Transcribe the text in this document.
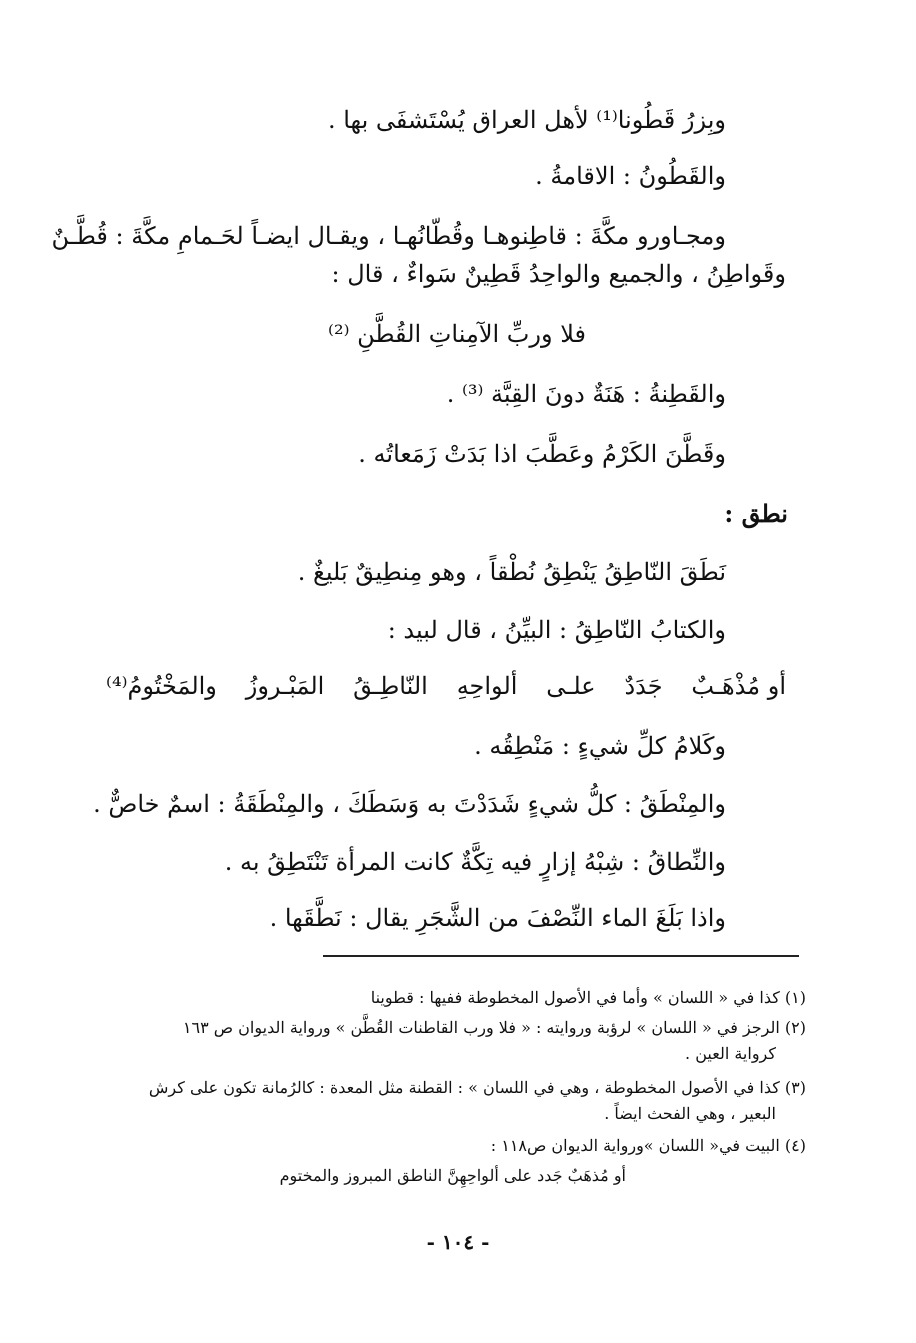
وبِزرُ قَطُونا⁽¹⁾ لأهل العراق يُسْتَشفَى بها .
والقَطُونُ : الاقامةُ .
ومجـاورو مكَّةَ : قاطِنوهـا وقُطّانُهـا ، ويقـال ايضـاً لحَـمامِ مكَّةَ : قُطَّـنٌ
وقَواطِنُ ، والجميع والواحِدُ قَطِينٌ سَواءٌ ، قال :
فلا وربِّ الآمِناتِ القُطَّنِ ⁽²⁾
والقَطِنةُ : هَنَةٌ دونَ القِبَّة ⁽³⁾ .
وقَطَّنَ الكَرْمُ وعَطَّبَ اذا بَدَتْ زَمَعاتُه .
نطق :
نَطَقَ النّاطِقُ يَنْطِقُ نُطْقاً ، وهو مِنطِيقٌ بَليغٌ .
والكتابُ النّاطِقُ : البيِّنُ ، قال لبيد :
أو مُذْهَـبٌ
جَدَدٌ
علـى
ألواحِهِ
النّاطِـقُ
المَبْـروزُ
والمَخْتُومُ⁽⁴⁾
وكَلامُ كلِّ شيءٍ : مَنْطِقُه .
والمِنْطَقُ : كلُّ شيءٍ شَدَدْتَ به وَسَطَكَ ، والمِنْطَقَةُ : اسمٌ خاصٌّ .
والنِّطاقُ : شِبْهُ إزارٍ فيه تِكَّةٌ كانت المرأة تَنْتَطِقُ به .
واذا بَلَغَ الماء النِّصْفَ من الشَّجَرِ يقال : نَطَّقَها .
(١) كذا في « اللسان » وأما في الأصول المخطوطة ففيها : قطوينا
(٢) الرجز في « اللسان » لرؤبة وروايته : « فلا ورب القاطنات القُطَّن » ورواية الديوان ص ١٦٣
كرواية العين .
(٣) كذا في الأصول المخطوطة ، وهي في اللسان » : القطنة مثل المعدة : كالرُمانة تكون على كرش
البعير ، وهي الفحث ايضاً .
(٤) البيت في« اللسان »ورواية الديوان ص١١٨ :
أو مُذهَبٌ جَدد على ألواحِهِنَّ الناطق المبروز والمختوم
- ١٠٤ -
